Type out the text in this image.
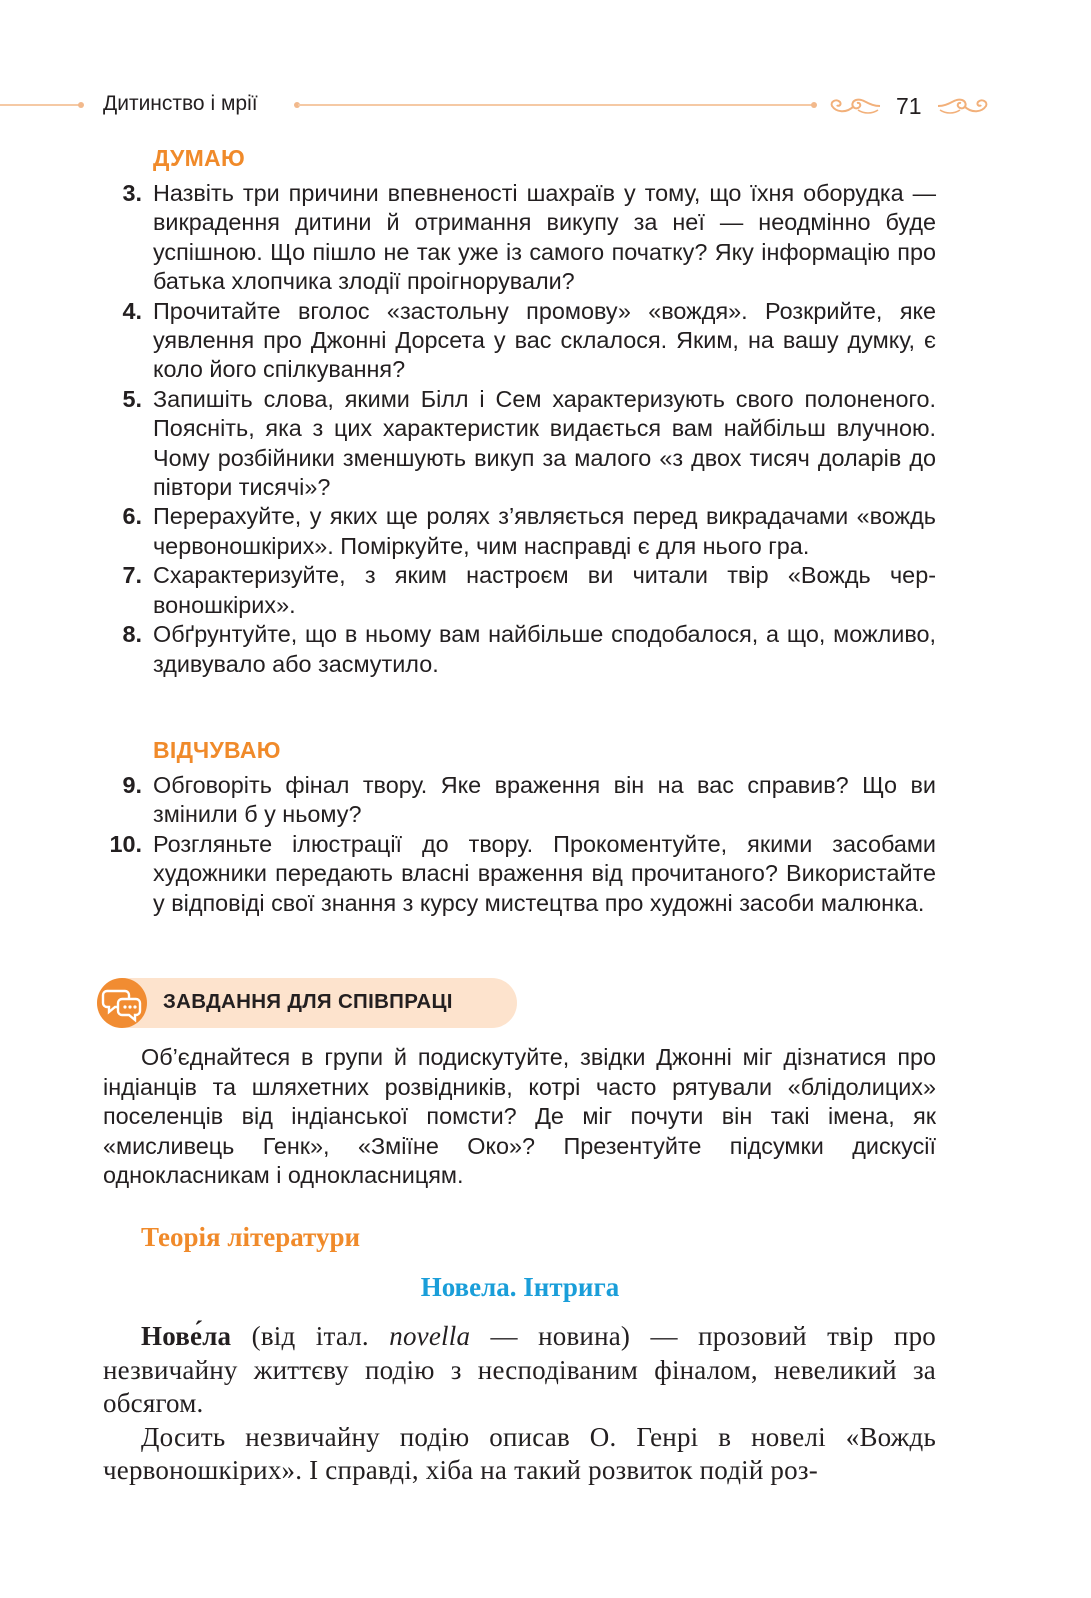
Дитинство і мрії	71
ДУМАЮ
3. Назвіть три причини впевненості шахраїв у тому, що їхня оборудка — викрадення дитини й отримання викупу за неї — неодмінно буде успішною. Що пішло не так уже із самого початку? Яку інформацію про батька хлопчика злодії проігнорували?
4. Прочитайте вголос «застольну промову» «вождя». Розкрийте, яке уявлення про Джонні Дорсета у вас склалося. Яким, на вашу думку, є коло його спілкування?
5. Запишіть слова, якими Білл і Сем характеризують свого полоненого. Поясніть, яка з цих характеристик видається вам найбільш влучною. Чому розбійники зменшують викуп за малого «з двох тисяч доларів до півтори тисячі»?
6. Перерахуйте, у яких ще ролях з’являється перед викрадачами «вождь червоношкірих». Поміркуйте, чим насправді є для нього гра.
7. Схарактеризуйте, з яким настроєм ви читали твір «Вождь червоношкірих».
8. Обґрунтуйте, що в ньому вам найбільше сподобалося, а що, можливо, здивувало або засмутило.
ВІДЧУВАЮ
9. Обговоріть фінал твору. Яке враження він на вас справив? Що ви змінили б у ньому?
10. Розгляньте ілюстрації до твору. Прокоментуйте, якими засобами художники передають власні враження від прочитаного? Використайте у відповіді свої знання з курсу мистецтва про художні засоби малюнка.
ЗАВДАННЯ ДЛЯ СПІВПРАЦІ

Об’єднайтеся в групи й подискутуйте, звідки Джонні міг дізнатися про індіанців та шляхетних розвідників, котрі часто рятували «блідолицих» поселенців від індіанської помсти? Де міг почути він такі імена, як «мисливець Генк», «Зміїне Око»? Презентуйте підсумки дискусії однокласникам і однокласницям.

Теорія літератури
Новела. Інтрига

Нове́ла (від італ. novella — новина) — прозовий твір про незвичайну життєву подію з несподіваним фіналом, невеликий за обсягом.

Досить незвичайну подію описав О. Генрі в новелі «Вождь червоношкірих». І справді, хіба на такий розвиток подій роз-
